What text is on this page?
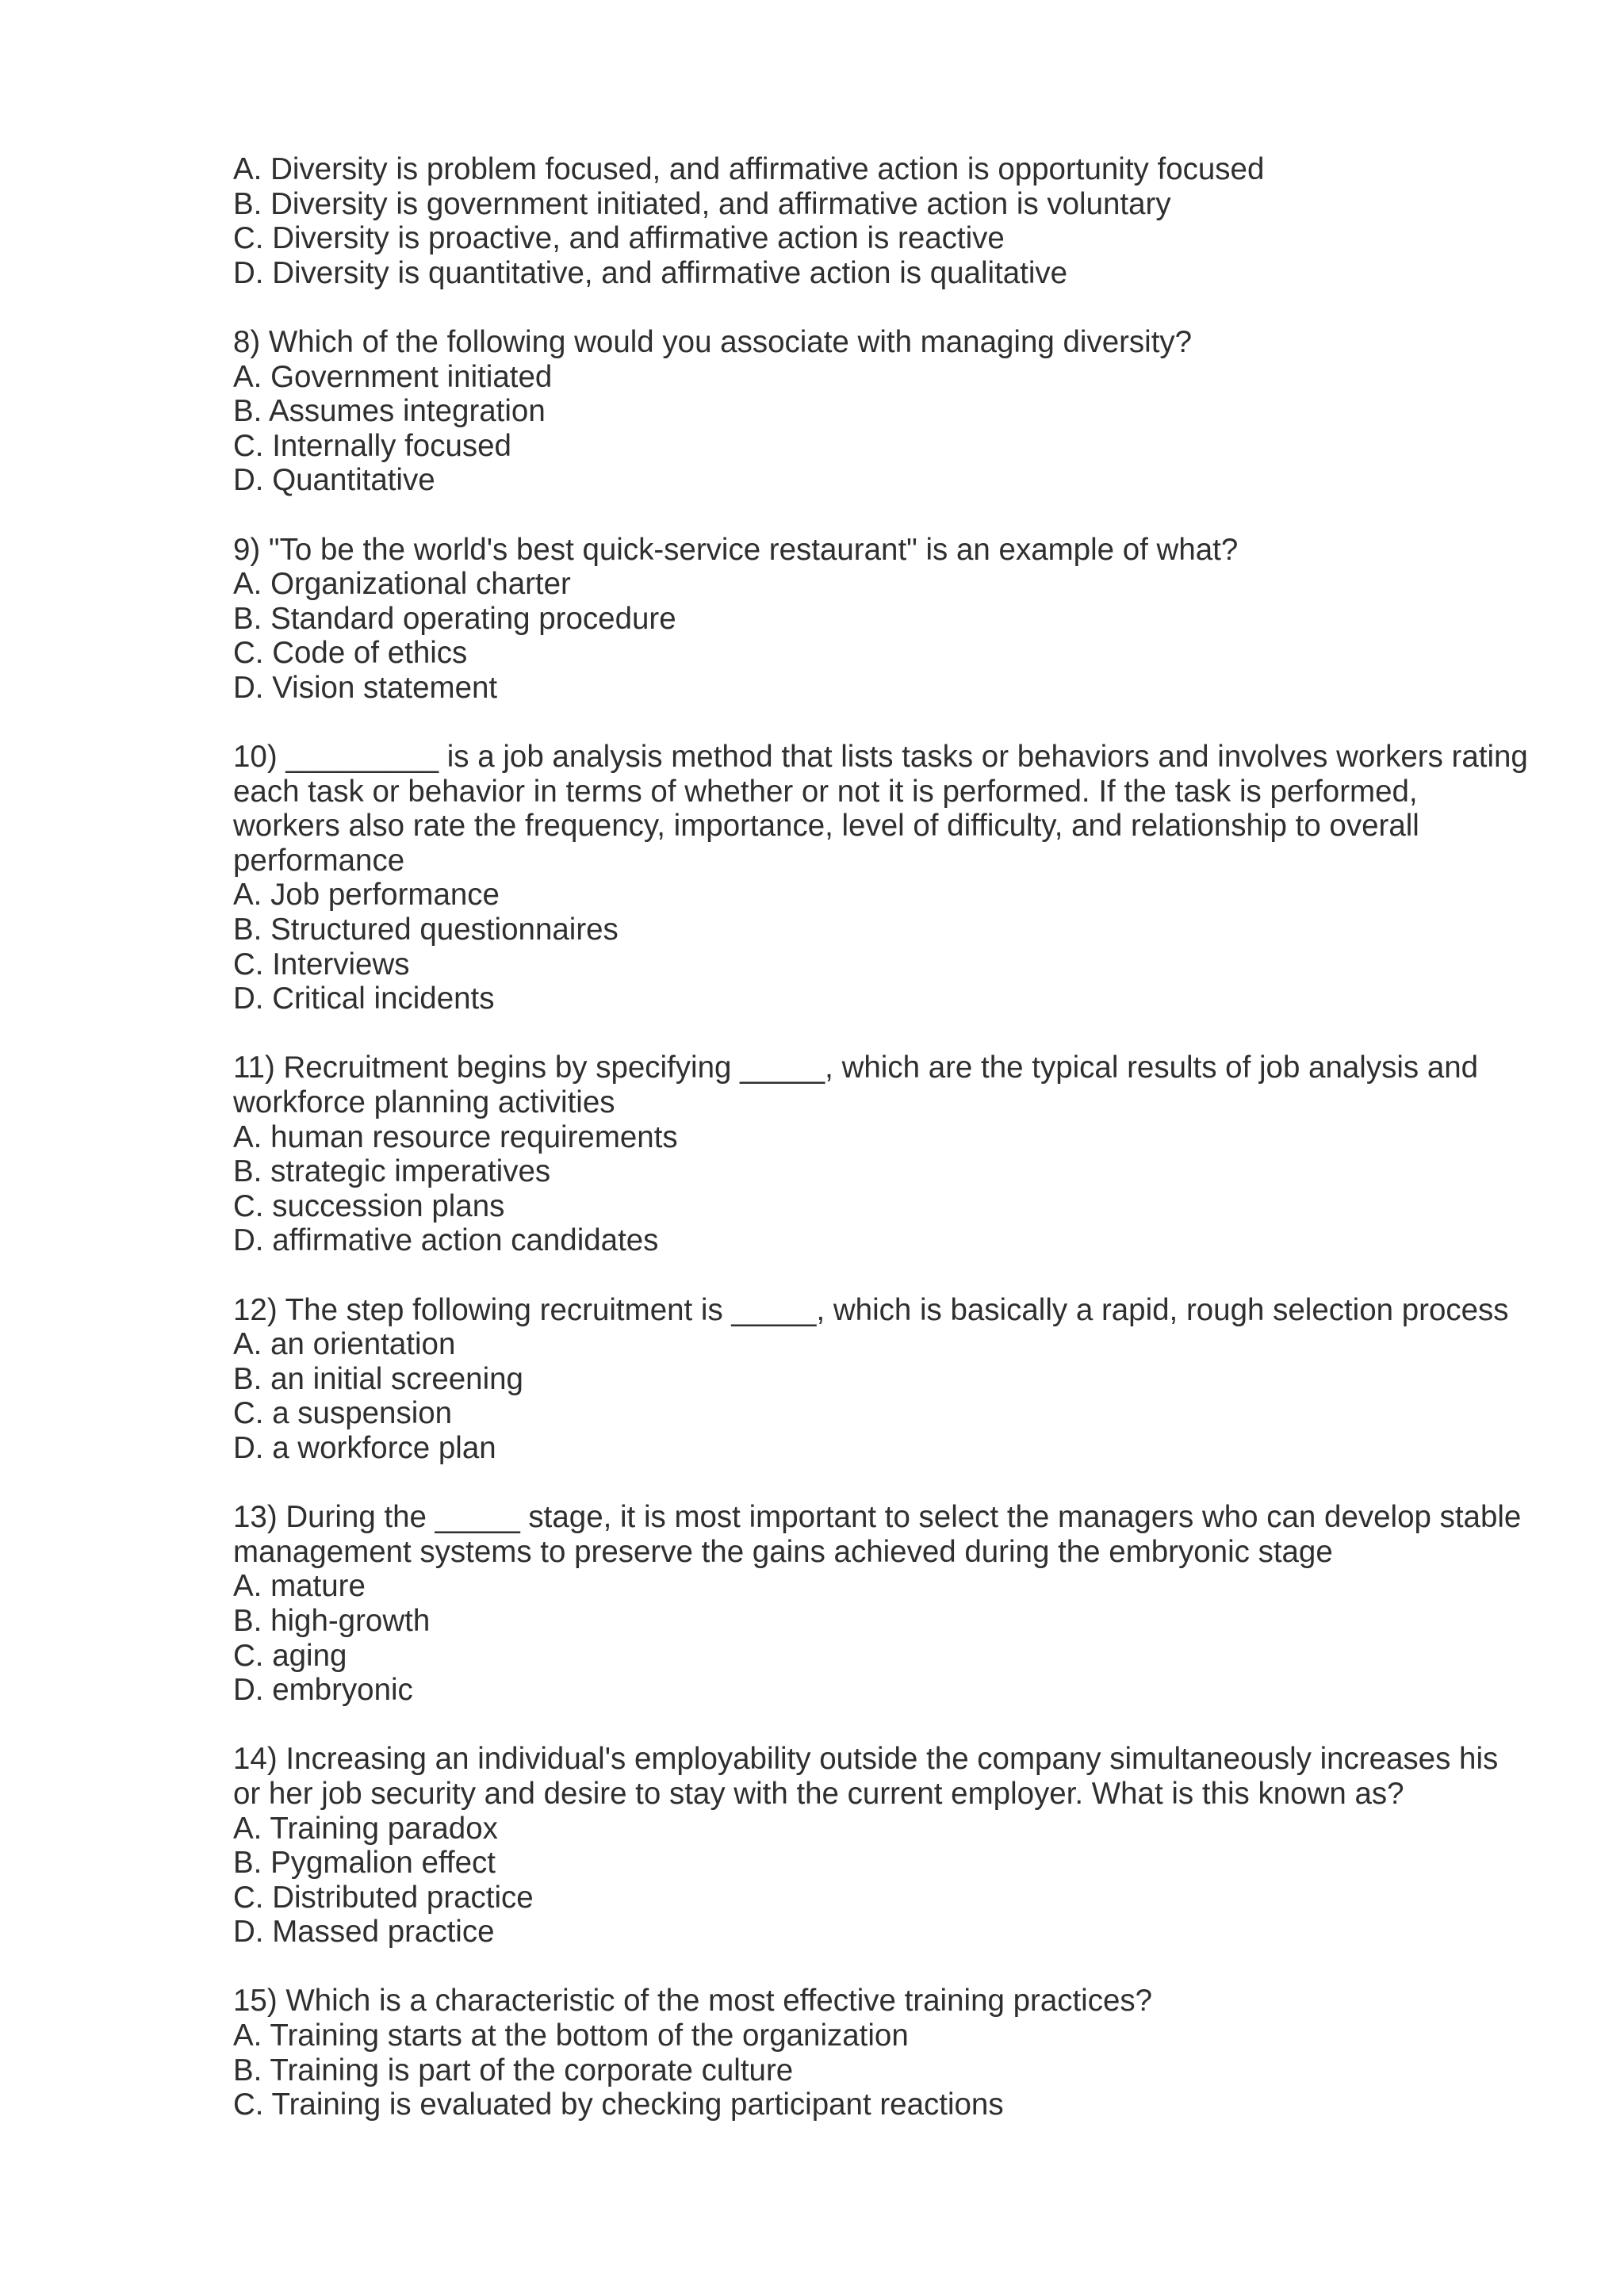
A. Diversity is problem focused, and affirmative action is opportunity focused
B. Diversity is government initiated, and affirmative action is voluntary
C. Diversity is proactive, and affirmative action is reactive
D. Diversity is quantitative, and affirmative action is qualitative
8) Which of the following would you associate with managing diversity?
A. Government initiated
B. Assumes integration
C. Internally focused
D. Quantitative
9) "To be the world's best quick-service restaurant" is an example of what?
A. Organizational charter
B. Standard operating procedure
C. Code of ethics
D. Vision statement
10) _________ is a job analysis method that lists tasks or behaviors and involves workers rating
each task or behavior in terms of whether or not it is performed. If the task is performed,
workers also rate the frequency, importance, level of difficulty, and relationship to overall
performance
A. Job performance
B. Structured questionnaires
C. Interviews
D. Critical incidents
11) Recruitment begins by specifying _____, which are the typical results of job analysis and
workforce planning activities
A. human resource requirements
B. strategic imperatives
C. succession plans
D. affirmative action candidates
12) The step following recruitment is _____, which is basically a rapid, rough selection process
A. an orientation
B. an initial screening
C. a suspension
D. a workforce plan
13) During the _____ stage, it is most important to select the managers who can develop stable
management systems to preserve the gains achieved during the embryonic stage
A. mature
B. high-growth
C. aging
D. embryonic
14) Increasing an individual's employability outside the company simultaneously increases his
or her job security and desire to stay with the current employer. What is this known as?
A. Training paradox
B. Pygmalion effect
C. Distributed practice
D. Massed practice
15) Which is a characteristic of the most effective training practices?
A. Training starts at the bottom of the organization
B. Training is part of the corporate culture
C. Training is evaluated by checking participant reactions
